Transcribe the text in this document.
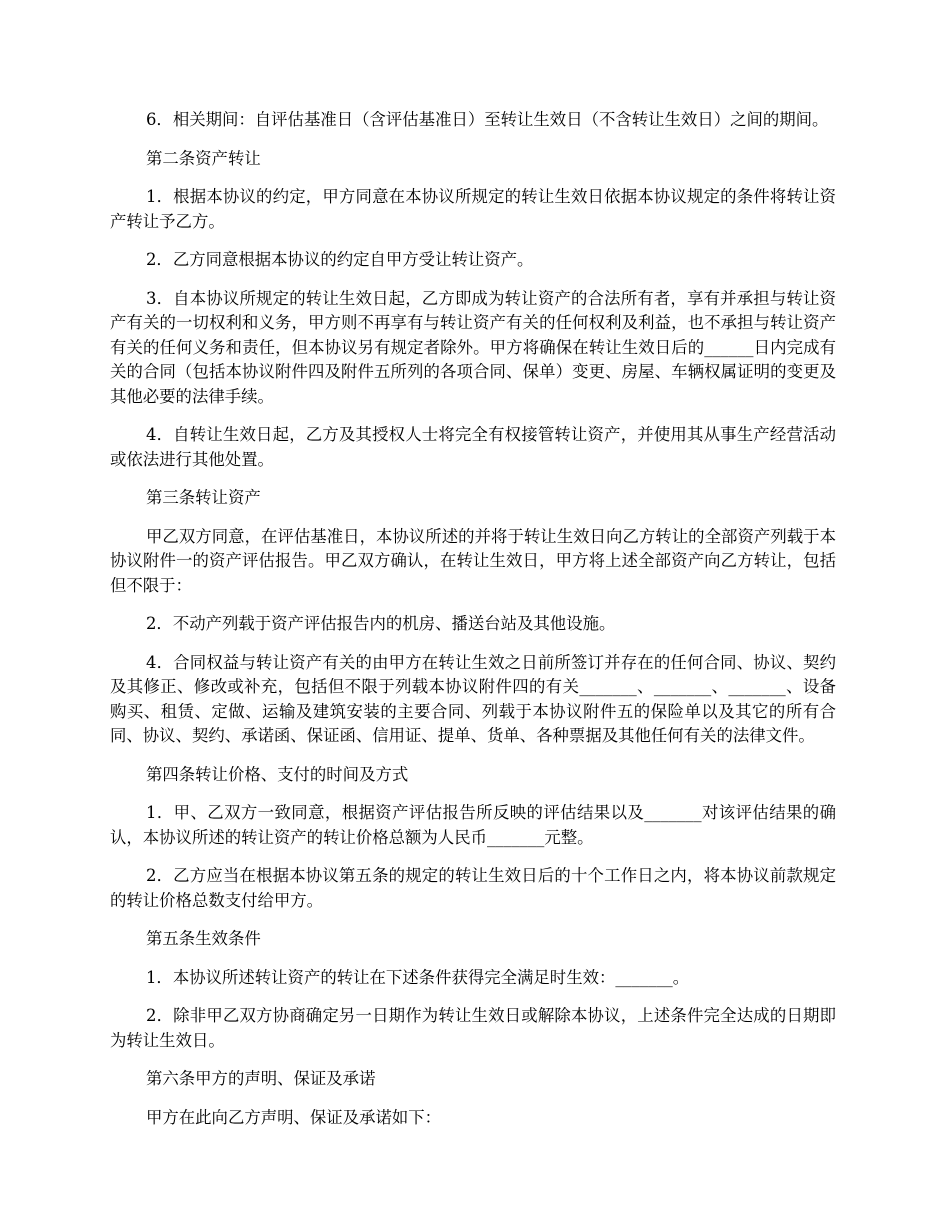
6．相关期间：自评估基准日（含评估基准日）至转让生效日（不含转让生效日）之间的期间。

第二条资产转让

1．根据本协议的约定，甲方同意在本协议所规定的转让生效日依据本协议规定的条件将转让资产转让予乙方。

2．乙方同意根据本协议的约定自甲方受让转让资产。

3．自本协议所规定的转让生效日起，乙方即成为转让资产的合法所有者，享有并承担与转让资产有关的一切权利和义务，甲方则不再享有与转让资产有关的任何权利及利益，也不承担与转让资产有关的任何义务和责任，但本协议另有规定者除外。甲方将确保在转让生效日后的______日内完成有关的合同（包括本协议附件四及附件五所列的各项合同、保单）变更、房屋、车辆权属证明的变更及其他必要的法律手续。

4．自转让生效日起，乙方及其授权人士将完全有权接管转让资产，并使用其从事生产经营活动或依法进行其他处置。

第三条转让资产

甲乙双方同意，在评估基准日，本协议所述的并将于转让生效日向乙方转让的全部资产列载于本协议附件一的资产评估报告。甲乙双方确认，在转让生效日，甲方将上述全部资产向乙方转让，包括但不限于：

2．不动产列载于资产评估报告内的机房、播送台站及其他设施。

4．合同权益与转让资产有关的由甲方在转让生效之日前所签订并存在的任何合同、协议、契约及其修正、修改或补充，包括但不限于列载本协议附件四的有关_______、_______、_______、设备购买、租赁、定做、运输及建筑安装的主要合同、列载于本协议附件五的保险单以及其它的所有合同、协议、契约、承诺函、保证函、信用证、提单、货单、各种票据及其他任何有关的法律文件。

第四条转让价格、支付的时间及方式

1．甲、乙双方一致同意，根据资产评估报告所反映的评估结果以及_______对该评估结果的确认，本协议所述的转让资产的转让价格总额为人民币_______元整。

2．乙方应当在根据本协议第五条的规定的转让生效日后的十个工作日之内，将本协议前款规定的转让价格总数支付给甲方。

第五条生效条件

1．本协议所述转让资产的转让在下述条件获得完全满足时生效：_______。

2．除非甲乙双方协商确定另一日期作为转让生效日或解除本协议，上述条件完全达成的日期即为转让生效日。

第六条甲方的声明、保证及承诺

甲方在此向乙方声明、保证及承诺如下：
